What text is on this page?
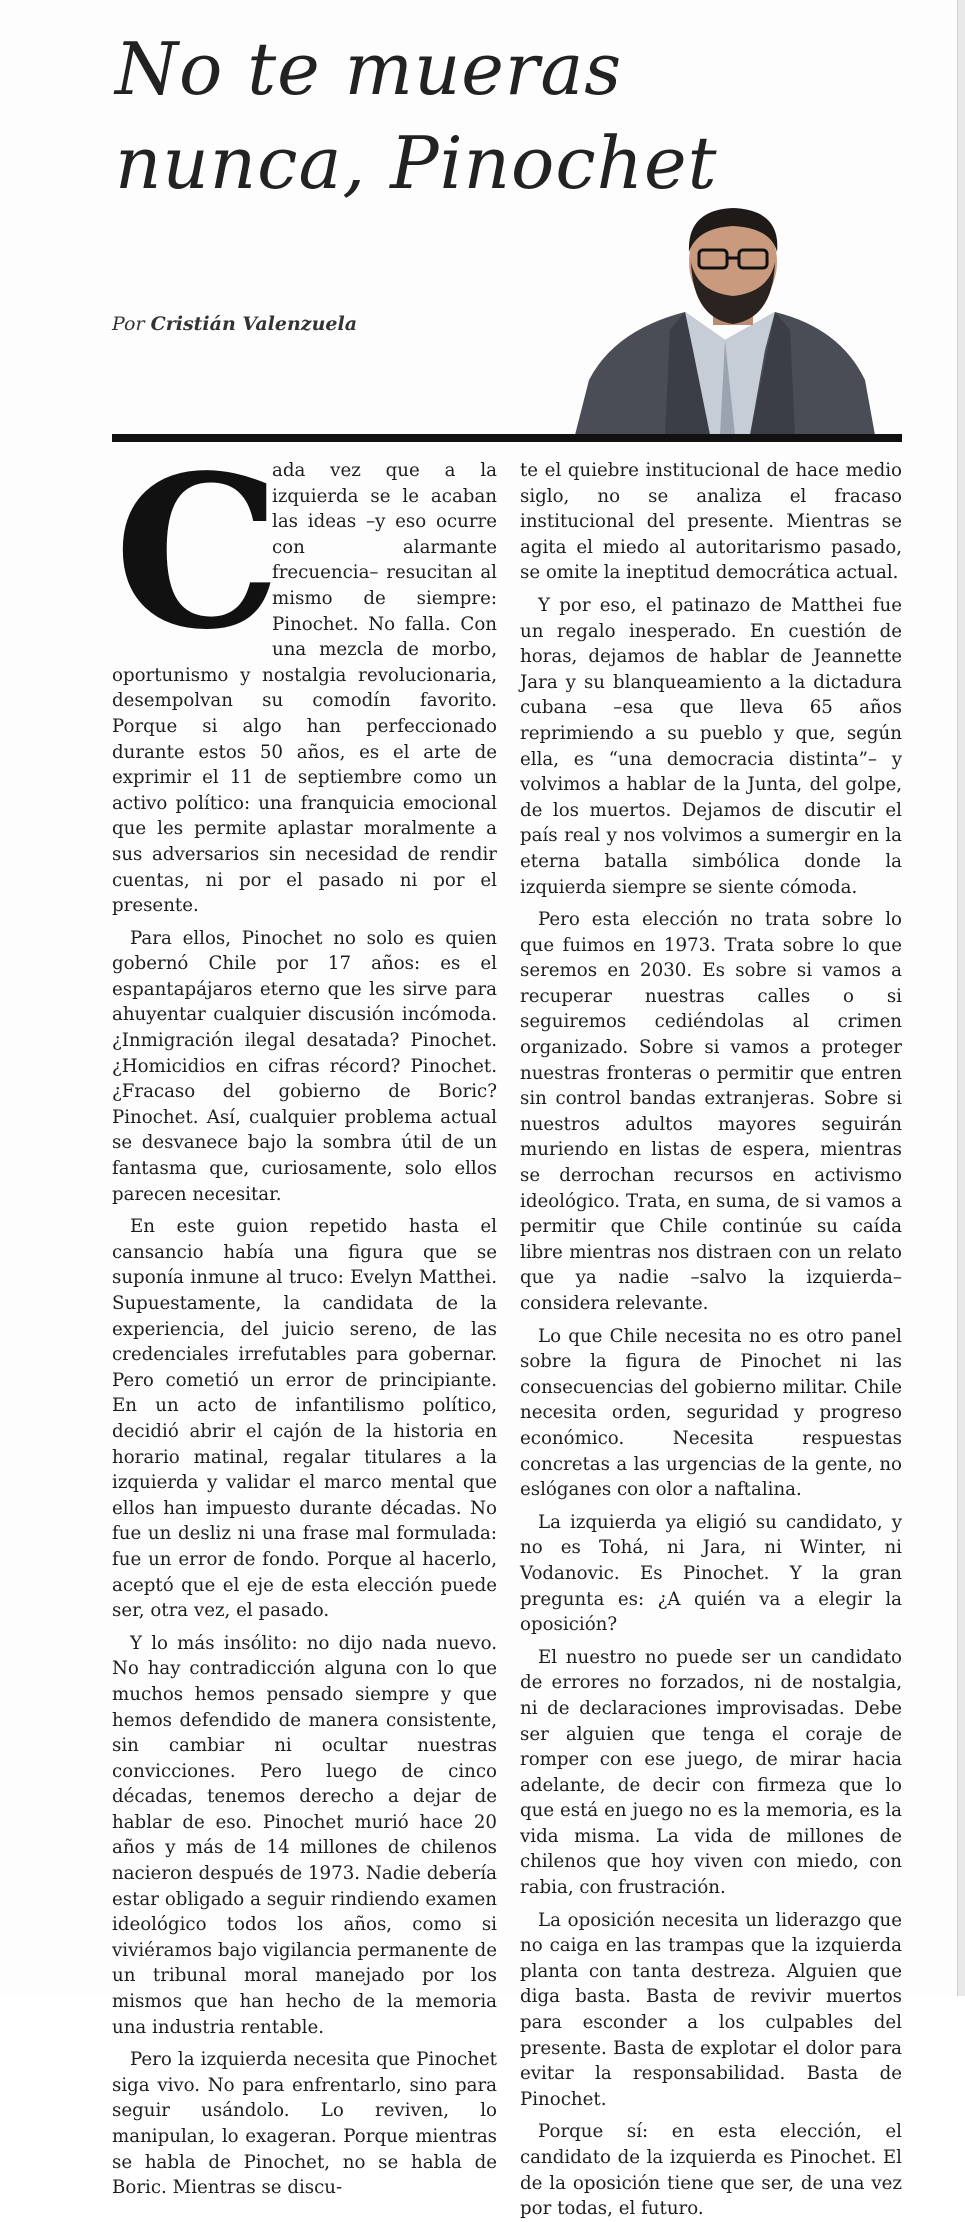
No te mueras
nunca, Pinochet
Por Cristián Valenzuela

C
ada vez que a la izquierda se le acaban las ideas –y eso ocurre con alarmante frecuencia– resucitan al mismo de siempre: Pinochet. No falla. Con una mezcla de morbo, oportunismo y nostalgia revolucionaria, desempolvan su comodín favorito. Porque si algo han perfeccionado durante estos 50 años, es el arte de exprimir el 11 de septiembre como un activo político: una franquicia emocional que les permite aplastar moralmente a sus adversarios sin necesidad de rendir cuentas, ni por el pasado ni por el presente.

Para ellos, Pinochet no solo es quien gobernó Chile por 17 años: es el espantapájaros eterno que les sirve para ahuyentar cualquier discusión incómoda. ¿Inmigración ilegal desatada? Pinochet. ¿Homicidios en cifras récord? Pinochet. ¿Fracaso del gobierno de Boric? Pinochet. Así, cualquier problema actual se desvanece bajo la sombra útil de un fantasma que, curiosamente, solo ellos parecen necesitar.

En este guion repetido hasta el cansancio había una figura que se suponía inmune al truco: Evelyn Matthei. Supuestamente, la candidata de la experiencia, del juicio sereno, de las credenciales irrefutables para gobernar. Pero cometió un error de principiante. En un acto de infantilismo político, decidió abrir el cajón de la historia en horario matinal, regalar titulares a la izquierda y validar el marco mental que ellos han impuesto durante décadas. No fue un desliz ni una frase mal formulada: fue un error de fondo. Porque al hacerlo, aceptó que el eje de esta elección puede ser, otra vez, el pasado.

Y lo más insólito: no dijo nada nuevo. No hay contradicción alguna con lo que muchos hemos pensado siempre y que hemos defendido de manera consistente, sin cambiar ni ocultar nuestras convicciones. Pero luego de cinco décadas, tenemos derecho a dejar de hablar de eso. Pinochet murió hace 20 años y más de 14 millones de chilenos nacieron después de 1973. Nadie debería estar obligado a seguir rindiendo examen ideológico todos los años, como si viviéramos bajo vigilancia permanente de un tribunal moral manejado por los mismos que han hecho de la memoria una industria rentable.

Pero la izquierda necesita que Pinochet siga vivo. No para enfrentarlo, sino para seguir usándolo. Lo reviven, lo manipulan, lo exageran. Porque mientras se habla de Pinochet, no se habla de Boric. Mientras se discu-

te el quiebre institucional de hace medio siglo, no se analiza el fracaso institucional del presente. Mientras se agita el miedo al autoritarismo pasado, se omite la ineptitud democrática actual.

Y por eso, el patinazo de Matthei fue un regalo inesperado. En cuestión de horas, dejamos de hablar de Jeannette Jara y su blanqueamiento a la dictadura cubana –esa que lleva 65 años reprimiendo a su pueblo y que, según ella, es “una democracia distinta”– y volvimos a hablar de la Junta, del golpe, de los muertos. Dejamos de discutir el país real y nos volvimos a sumergir en la eterna batalla simbólica donde la izquierda siempre se siente cómoda.

Pero esta elección no trata sobre lo que fuimos en 1973. Trata sobre lo que seremos en 2030. Es sobre si vamos a recuperar nuestras calles o si seguiremos cediéndolas al crimen organizado. Sobre si vamos a proteger nuestras fronteras o permitir que entren sin control bandas extranjeras. Sobre si nuestros adultos mayores seguirán muriendo en listas de espera, mientras se derrochan recursos en activismo ideológico. Trata, en suma, de si vamos a permitir que Chile continúe su caída libre mientras nos distraen con un relato que ya nadie –salvo la izquierda– considera relevante.

Lo que Chile necesita no es otro panel sobre la figura de Pinochet ni las consecuencias del gobierno militar. Chile necesita orden, seguridad y progreso económico. Necesita respuestas concretas a las urgencias de la gente, no eslóganes con olor a naftalina.

La izquierda ya eligió su candidato, y no es Tohá, ni Jara, ni Winter, ni Vodanovic. Es Pinochet. Y la gran pregunta es: ¿A quién va a elegir la oposición?

El nuestro no puede ser un candidato de errores no forzados, ni de nostalgia, ni de declaraciones improvisadas. Debe ser alguien que tenga el coraje de romper con ese juego, de mirar hacia adelante, de decir con firmeza que lo que está en juego no es la memoria, es la vida misma. La vida de millones de chilenos que hoy viven con miedo, con rabia, con frustración.

La oposición necesita un liderazgo que no caiga en las trampas que la izquierda planta con tanta destreza. Alguien que diga basta. Basta de revivir muertos para esconder a los culpables del presente. Basta de explotar el dolor para evitar la responsabilidad. Basta de Pinochet.

Porque sí: en esta elección, el candidato de la izquierda es Pinochet. El de la oposición tiene que ser, de una vez por todas, el futuro.
